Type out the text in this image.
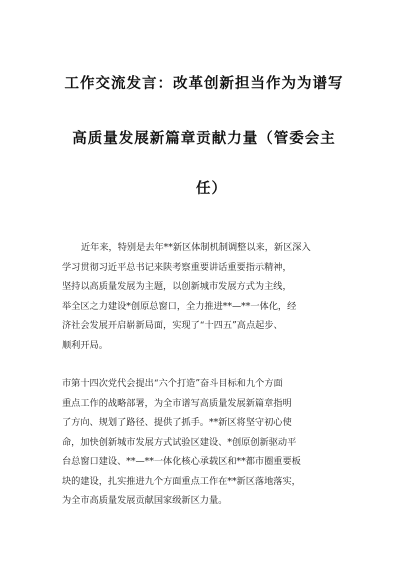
工作交流发言：改革创新担当作为为谱写
高质量发展新篇章贡献力量（管委会主
任）

近年来，特别是去年**新区体制机制调整以来，新区深入
学习贯彻习近平总书记来陕考察重要讲话重要指示精神，
坚持以高质量发展为主题，以创新城市发展方式为主线，
举全区之力建设*创原总窗口，全力推进**—**一体化，经
济社会发展开启崭新局面，实现了“十四五”高点起步、
顺利开局。

市第十四次党代会提出“六个打造”奋斗目标和九个方面
重点工作的战略部署，为全市谱写高质量发展新篇章指明
了方向、规划了路径、提供了抓手。**新区将坚守初心使
命，加快创新城市发展方式试验区建设、*创原创新驱动平
台总窗口建设、**—**一体化核心承载区和**都市圈重要板
块的建设，扎实推进九个方面重点工作在**新区落地落实，
为全市高质量发展贡献国家级新区力量。
